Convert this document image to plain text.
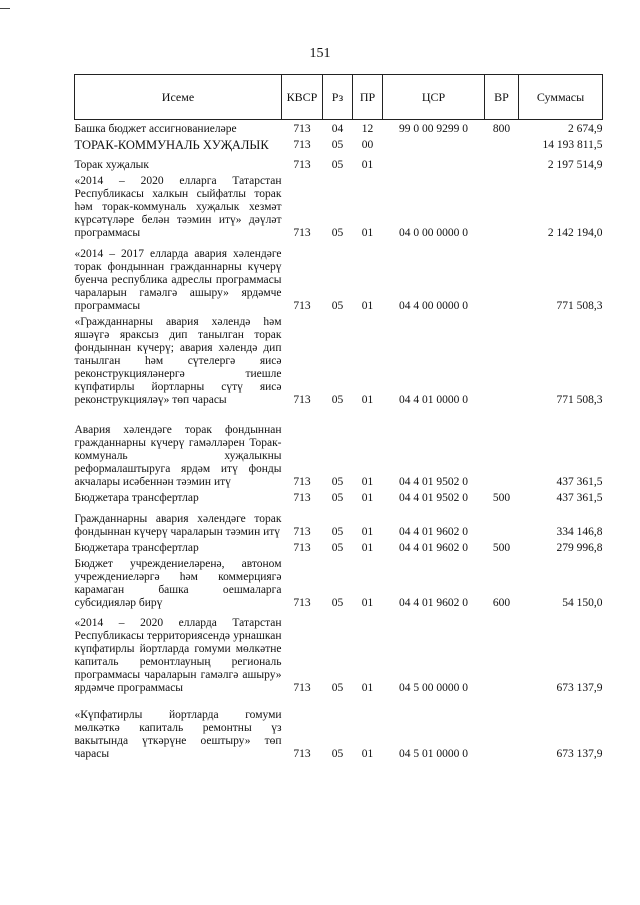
151
Исеме	КВСР	Рз	ПР	ЦСР	ВР	Суммасы
Башка бюджет ассигнованиеләре	713	04	12	99 0 00 9299 0	800	2 674,9
ТОРАК-КОММУНАЛЬ ХУҖАЛЫК	713	05	00			14 193 811,5
Торак хуҗалык	713	05	01			2 197 514,9
«2014 – 2020 елларга Татарстан Республикасы халкын сыйфатлы торак һәм торак-коммуналь хуҗалык хезмәт күрсәтүләре белән тәэмин итү» дәүләт программасы	713	05	01	04 0 00 0000 0		2 142 194,0
«2014 – 2017 елларда авария хәлендәге торак фондыннан гражданнарны күчерү буенча республика адреслы программасы чараларын гамәлгә ашыру» ярдәмче программасы	713	05	01	04 4 00 0000 0		771 508,3
«Гражданнарны авария хәлендә һәм яшәүгә яраксыз дип танылган торак фондыннан күчерү; авария хәлендә дип танылган һәм сүтелергә яисә реконструкцияләнергә тиешле күпфатирлы йортларны сүтү яисә реконструкцияләү» төп чарасы	713	05	01	04 4 01 0000 0		771 508,3
Авария хәлендәге торак фондыннан гражданнарны күчерү гамәлләрен Торак-коммуналь хуҗалыкны реформалаштыруга ярдәм итү фонды акчалары исәбеннән тәэмин итү	713	05	01	04 4 01 9502 0		437 361,5
Бюджетара трансфертлар	713	05	01	04 4 01 9502 0	500	437 361,5
Гражданнарны авария хәлендәге торак фондыннан күчерү чараларын тәэмин итү	713	05	01	04 4 01 9602 0		334 146,8
Бюджетара трансфертлар	713	05	01	04 4 01 9602 0	500	279 996,8
Бюджет учреждениеләренә, автоном учреждениеләргә һәм коммерциягә карамаган башка оешмаларга субсидияләр бирү	713	05	01	04 4 01 9602 0	600	54 150,0
«2014 – 2020 елларда Татарстан Республикасы территориясендә урнашкан күпфатирлы йортларда гомуми мөлкәтне капиталь ремонтлауның региональ программасы чараларын гамәлгә ашыру» ярдәмче программасы	713	05	01	04 5 00 0000 0		673 137,9
«Күпфатирлы йортларда гомуми мөлкәткә капиталь ремонтны үз вакытында үткәрүне оештыру» төп чарасы	713	05	01	04 5 01 0000 0		673 137,9
